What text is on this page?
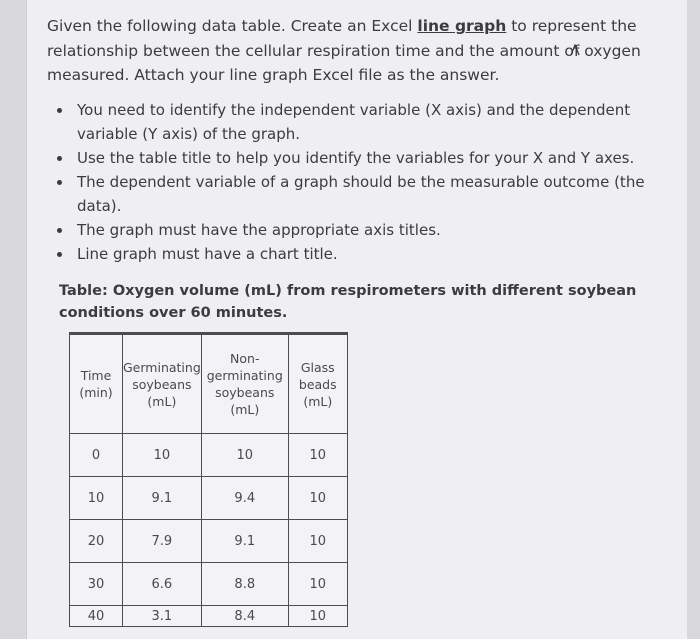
Given the following data table. Create an Excel line graph to represent the relationship between the cellular respiration time and the amount of oxygen measured. Attach your line graph Excel file as the answer.

You need to identify the independent variable (X axis) and the dependent variable (Y axis) of the graph.
Use the table title to help you identify the variables for your X and Y axes.
The dependent variable of a graph should be the measurable outcome (the data).
The graph must have the appropriate axis titles.
Line graph must have a chart title.

Table: Oxygen volume (mL) from respirometers with different soybean conditions over 60 minutes.

Time
(min)	Germinating
soybeans
(mL)	Non-
germinating
soybeans
(mL)	Glass
beads
(mL)

0	10	10	10
10	9.1	9.4	10
20	7.9	9.1	10
30	6.6	8.8	10
40	3.1	8.4	10
